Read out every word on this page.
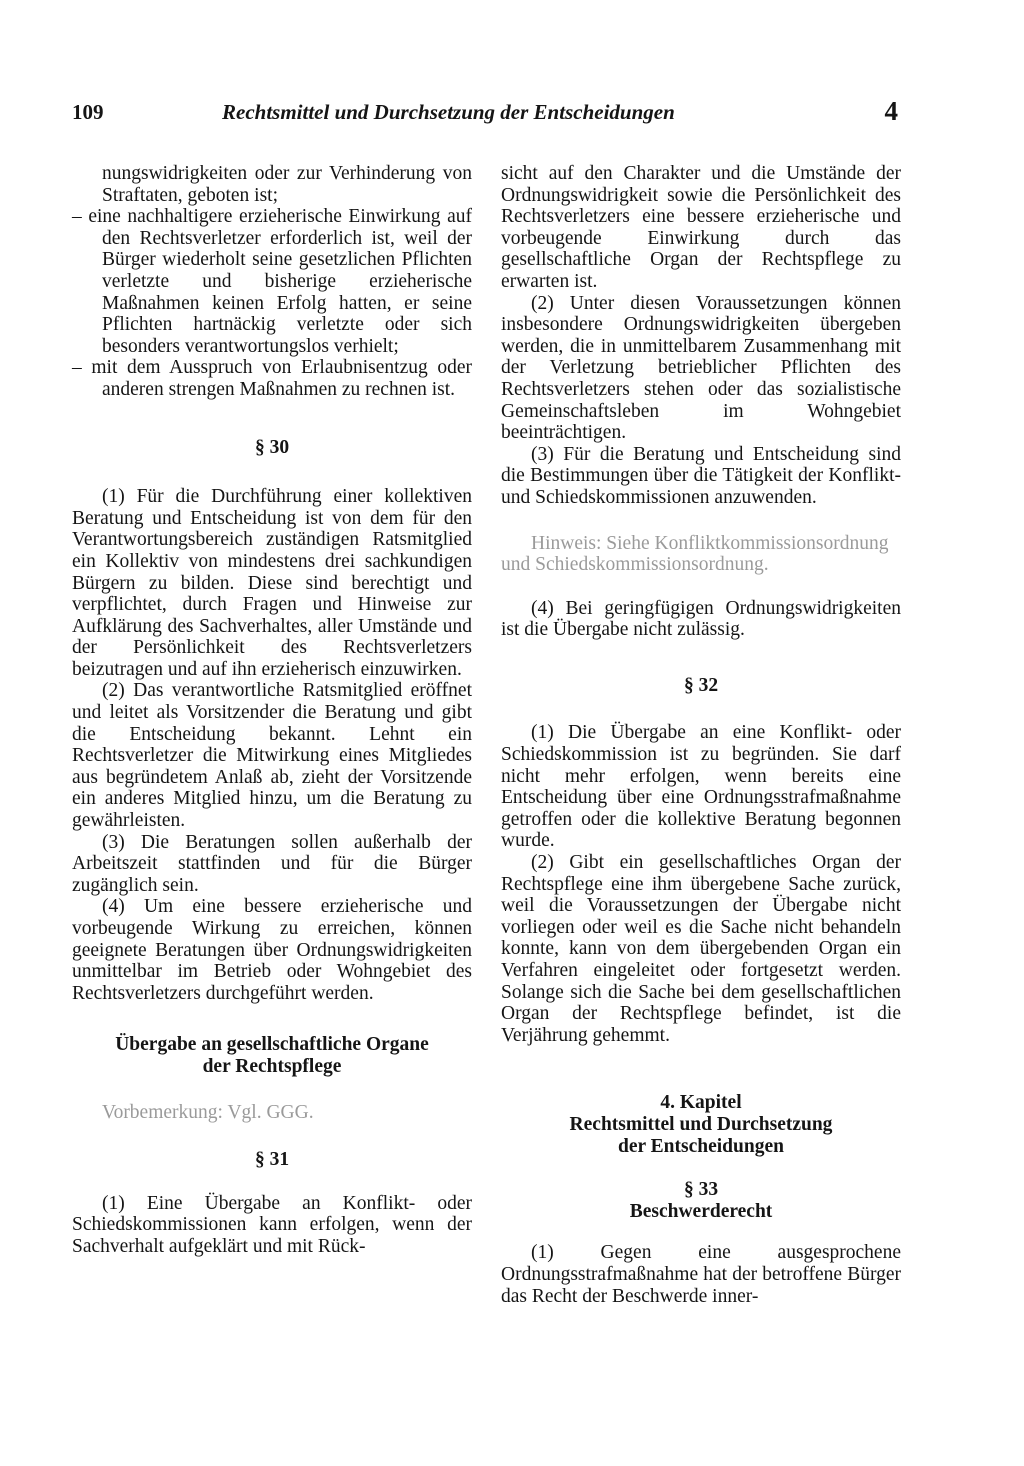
109	Rechtsmittel und Durchsetzung der Entscheidungen	4

nungswidrigkeiten oder zur Verhinderung von Straftaten, geboten ist;

– eine nachhaltigere erzieherische Einwirkung auf den Rechtsverletzer erforderlich ist, weil der Bürger wiederholt seine gesetzlichen Pflichten verletzte und bisherige erzieherische Maßnahmen keinen Erfolg hatten, er seine Pflichten hartnäckig verletzte oder sich besonders verantwortungslos verhielt;

– mit dem Ausspruch von Erlaubnisentzug oder anderen strengen Maßnahmen zu rechnen ist.

§ 30

(1) Für die Durchführung einer kollektiven Beratung und Entscheidung ist von dem für den Verantwortungsbereich zuständigen Ratsmitglied ein Kollektiv von mindestens drei sachkundigen Bürgern zu bilden. Diese sind berechtigt und verpflichtet, durch Fragen und Hinweise zur Aufklärung des Sachverhaltes, aller Umstände und der Persönlichkeit des Rechtsverletzers beizutragen und auf ihn erzieherisch einzuwirken.

(2) Das verantwortliche Ratsmitglied eröffnet und leitet als Vorsitzender die Beratung und gibt die Entscheidung bekannt. Lehnt ein Rechtsverletzer die Mitwirkung eines Mitgliedes aus begründetem Anlaß ab, zieht der Vorsitzende ein anderes Mitglied hinzu, um die Beratung zu gewährleisten.

(3) Die Beratungen sollen außerhalb der Arbeitszeit stattfinden und für die Bürger zugänglich sein.

(4) Um eine bessere erzieherische und vorbeugende Wirkung zu erreichen, können geeignete Beratungen über Ordnungswidrigkeiten unmittelbar im Betrieb oder Wohngebiet des Rechtsverletzers durchgeführt werden.

Übergabe an gesellschaftliche Organe

der Rechtspflege

Vorbemerkung: Vgl. GGG.

§ 31

(1) Eine Übergabe an Konflikt- oder Schiedskommissionen kann erfolgen, wenn der Sachverhalt aufgeklärt und mit Rück-

sicht auf den Charakter und die Umstände der Ordnungswidrigkeit sowie die Persönlichkeit des Rechtsverletzers eine bessere erzieherische und vorbeugende Einwirkung durch das gesellschaftliche Organ der Rechtspflege zu erwarten ist.

(2) Unter diesen Voraussetzungen können insbesondere Ordnungswidrigkeiten übergeben werden, die in unmittelbarem Zusammenhang mit der Verletzung betrieblicher Pflichten des Rechtsverletzers stehen oder das sozialistische Gemeinschaftsleben im Wohngebiet beeinträchtigen.

(3) Für die Beratung und Entscheidung sind die Bestimmungen über die Tätigkeit der Konflikt- und Schiedskommissionen anzuwenden.

Hinweis: Siehe Konfliktkommissionsordnung und Schiedskommissionsordnung.

(4) Bei geringfügigen Ordnungswidrigkeiten ist die Übergabe nicht zulässig.

§ 32

(1) Die Übergabe an eine Konflikt- oder Schiedskommission ist zu begründen. Sie darf nicht mehr erfolgen, wenn bereits eine Entscheidung über eine Ordnungsstrafmaßnahme getroffen oder die kollektive Beratung begonnen wurde.

(2) Gibt ein gesellschaftliches Organ der Rechtspflege eine ihm übergebene Sache zurück, weil die Voraussetzungen der Übergabe nicht vorliegen oder weil es die Sache nicht behandeln konnte, kann von dem übergebenden Organ ein Verfahren eingeleitet oder fortgesetzt werden. Solange sich die Sache bei dem gesellschaftlichen Organ der Rechtspflege befindet, ist die Verjährung gehemmt.

4. Kapitel

Rechtsmittel und Durchsetzung

der Entscheidungen

§ 33

Beschwerderecht

(1) Gegen eine ausgesprochene Ordnungsstrafmaßnahme hat der betroffene Bürger das Recht der Beschwerde inner-
